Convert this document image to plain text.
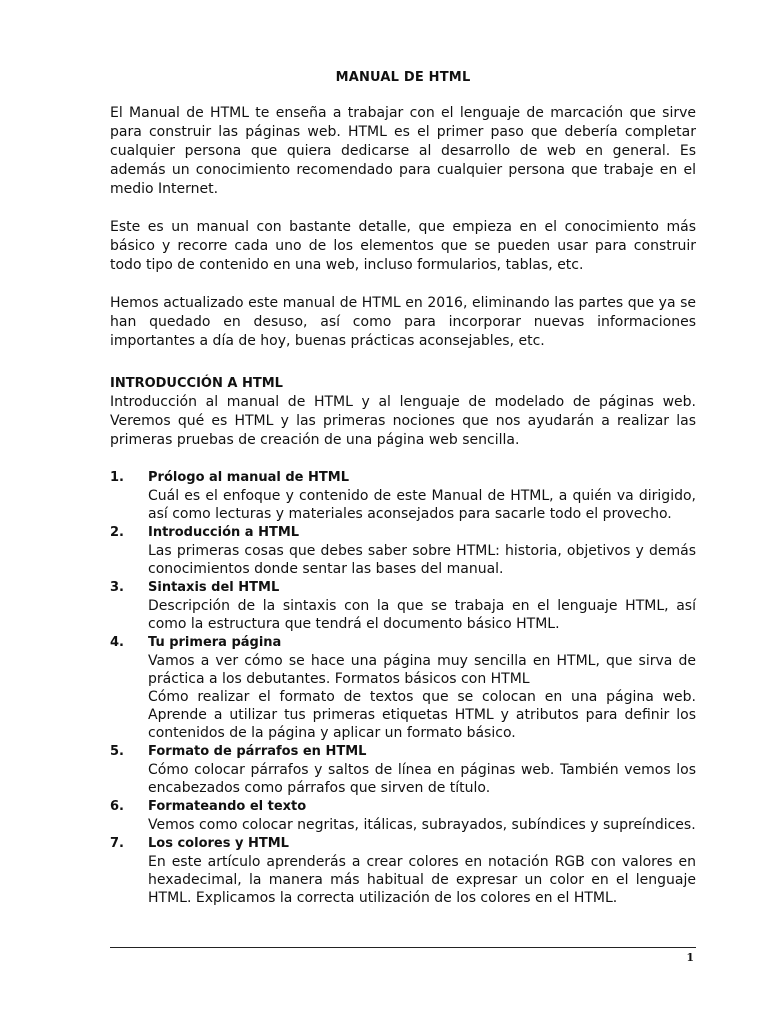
MANUAL DE HTML

El Manual de HTML te enseña a trabajar con el lenguaje de marcación que sirve para construir las páginas web. HTML es el primer paso que debería completar cualquier persona que quiera dedicarse al desarrollo de web en general. Es además un conocimiento recomendado para cualquier persona que trabaje en el medio Internet.

Este es un manual con bastante detalle, que empieza en el conocimiento más básico y recorre cada uno de los elementos que se pueden usar para construir todo tipo de contenido en una web, incluso formularios, tablas, etc.

Hemos actualizado este manual de HTML en 2016, eliminando las partes que ya se han quedado en desuso, así como para incorporar nuevas informaciones importantes a día de hoy, buenas prácticas aconsejables, etc.

INTRODUCCIÓN A HTML

Introducción al manual de HTML y al lenguaje de modelado de páginas web. Veremos qué es HTML y las primeras nociones que nos ayudarán a realizar las primeras pruebas de creación de una página web sencilla.

1. Prólogo al manual de HTML
Cuál es el enfoque y contenido de este Manual de HTML, a quién va dirigido, así como lecturas y materiales aconsejados para sacarle todo el provecho.
2. Introducción a HTML
Las primeras cosas que debes saber sobre HTML: historia, objetivos y demás conocimientos donde sentar las bases del manual.
3. Sintaxis del HTML
Descripción de la sintaxis con la que se trabaja en el lenguaje HTML, así como la estructura que tendrá el documento básico HTML.
4. Tu primera página
Vamos a ver cómo se hace una página muy sencilla en HTML, que sirva de práctica a los debutantes. Formatos básicos con HTML
Cómo realizar el formato de textos que se colocan en una página web. Aprende a utilizar tus primeras etiquetas HTML y atributos para definir los contenidos de la página y aplicar un formato básico.
5. Formato de párrafos en HTML
Cómo colocar párrafos y saltos de línea en páginas web. También vemos los encabezados como párrafos que sirven de título.
6. Formateando el texto
Vemos como colocar negritas, itálicas, subrayados, subíndices y supreíndices.
7. Los colores y HTML
En este artículo aprenderás a crear colores en notación RGB con valores en hexadecimal, la manera más habitual de expresar un color en el lenguaje HTML. Explicamos la correcta utilización de los colores en el HTML.
1
